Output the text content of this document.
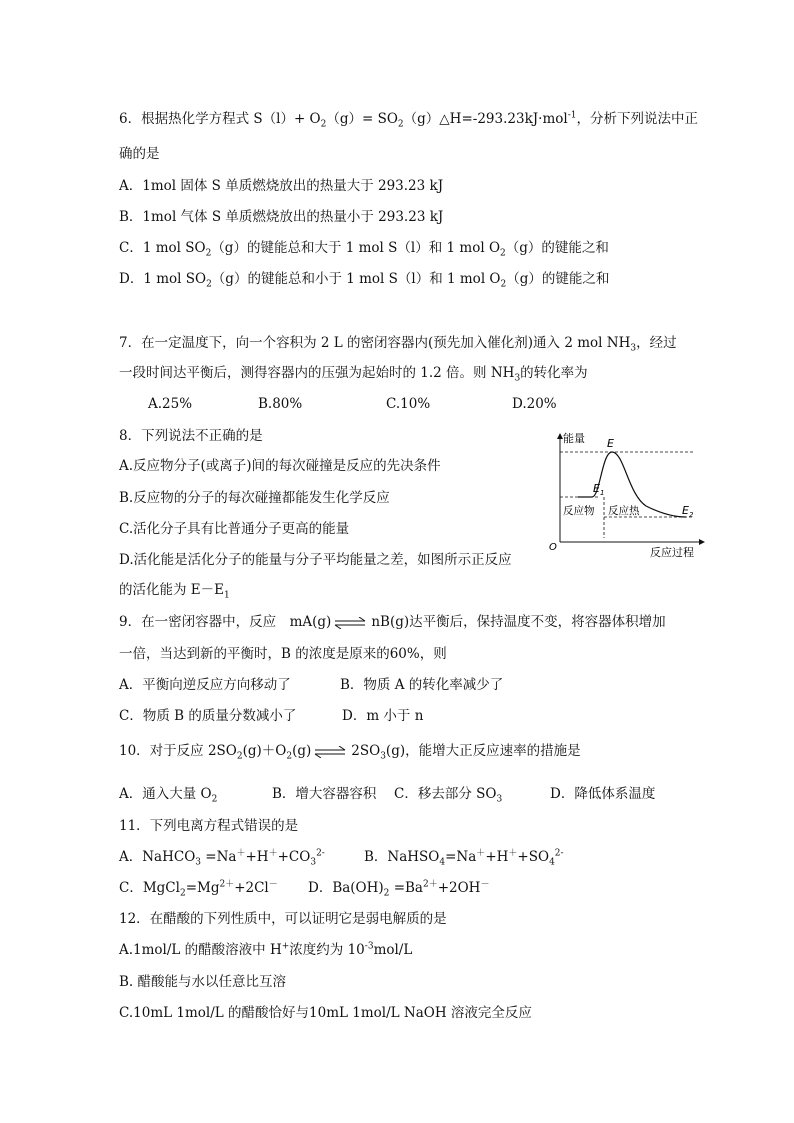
6．根据热化学方程式 $S(l)+ O_2(g)=$ $SO_2(g)\triangle H=-293.23kJ\cdot mol^{-1}$，分析下列说法中正
确的是
A．1mol 固体 S 单质燃烧放出的热量大于 293.23 kJ
B．1mol 气体 S 单质燃烧放出的热量小于 293.23 kJ
C．1 mol $SO_2(g)$的键能总和大于 1 mol S（l）和 1 mol $O_2(g)$的键能之和
D．1 mol $SO_2(g)$的键能总和小于 1 mol S（l）和 1 mol $O_2(g)$的键能之和
7．在一定温度下，向一个容积为 2 L 的密闭容器内(预先加入催化剂)通入 2 mol $NH_3$，经过
一段时间达平衡后，测得容器内的压强为起始时的 1.2 倍。则 $NH_3$的转化率为
A.25%	B.80%	C.10%	D.20%
8．下列说法不正确的是
A.反应物分子(或离子)间的每次碰撞是反应的先决条件
B.反应物的分子的每次碰撞都能发生化学反应
C.活化分子具有比普通分子更高的能量
D.活化能是活化分子的能量与分子平均能量之差，如图所示正反应
的活化能为 $E-E_1$
能量
反应过程
O
E
$E_1$
$E_2$
反应物 反应热
9．在一密闭容器中，反应　mA(g) ⇌ nB(g)达平衡后，保持温度不变，将容器体积增加
一倍，当达到新的平衡时，B 的浓度是原来的60%，则
A．平衡向逆反应方向移动了	B．物质 A 的转化率减少了
C．物质 B 的质量分数减小了	D．m 小于 n
10．对于反应 $2SO_2(g)+O_2(g)$ ⇌ $2SO_3(g)$，能增大正反应速率的措施是
A．通入大量 $O_2$	B．增大容器容积 C．移去部分 $SO_3$	D．降低体系温度
11．下列电离方程式错误的是
A．NaHCO$_3$ $=Na^++H^++CO_3^{2-}$	B．$NaHSO_4=Na^++H^++SO_4^{2-}$
C．$MgCl_2=Mg^{2+}+2Cl^-$ D．$Ba(OH)_2 =Ba^{2+}+2OH^-$
12．在醋酸的下列性质中，可以证明它是弱电解质的是
A.1mol/L 的醋酸溶液中 H+浓度约为 $10^{-3}mol/L$
B. 醋酸能与水以任意比互溶
C.10mL 1mol/L 的醋酸恰好与10mL 1mol/L NaOH 溶液完全反应
